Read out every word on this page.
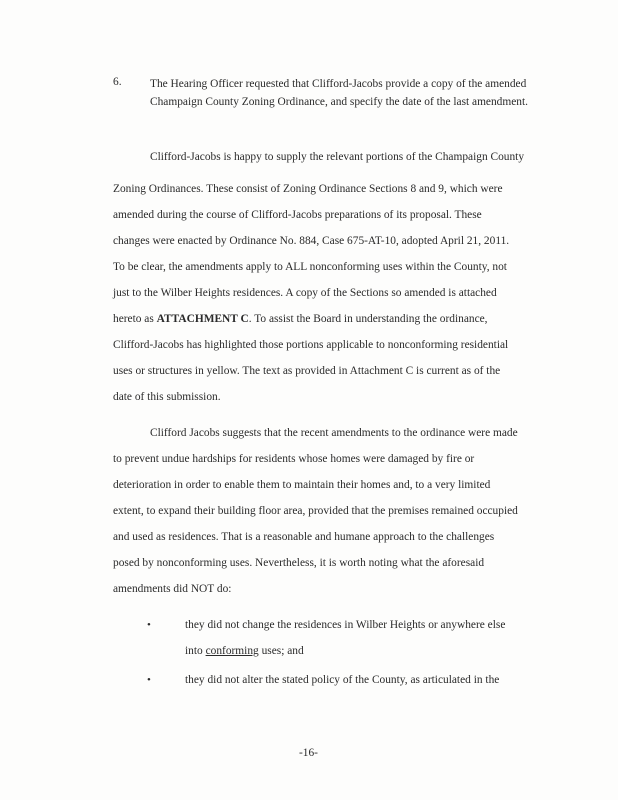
6. The Hearing Officer requested that Clifford-Jacobs provide a copy of the amended Champaign County Zoning Ordinance, and specify the date of the last amendment.
Clifford-Jacobs is happy to supply the relevant portions of the Champaign County
Zoning Ordinances. These consist of Zoning Ordinance Sections 8 and 9, which were
amended during the course of Clifford-Jacobs preparations of its proposal. These
changes were enacted by Ordinance No. 884, Case 675-AT-10, adopted April 21, 2011.
To be clear, the amendments apply to ALL nonconforming uses within the County, not
just to the Wilber Heights residences. A copy of the Sections so amended is attached
hereto as ATTACHMENT C. To assist the Board in understanding the ordinance,
Clifford-Jacobs has highlighted those portions applicable to nonconforming residential
uses or structures in yellow. The text as provided in Attachment C is current as of the
date of this submission.
Clifford Jacobs suggests that the recent amendments to the ordinance were made
to prevent undue hardships for residents whose homes were damaged by fire or
deterioration in order to enable them to maintain their homes and, to a very limited
extent, to expand their building floor area, provided that the premises remained occupied
and used as residences. That is a reasonable and humane approach to the challenges
posed by nonconforming uses. Nevertheless, it is worth noting what the aforesaid
amendments did NOT do:
•	they did not change the residences in Wilber Heights or anywhere else
into conforming uses; and
•	they did not alter the stated policy of the County, as articulated in the
-16-
